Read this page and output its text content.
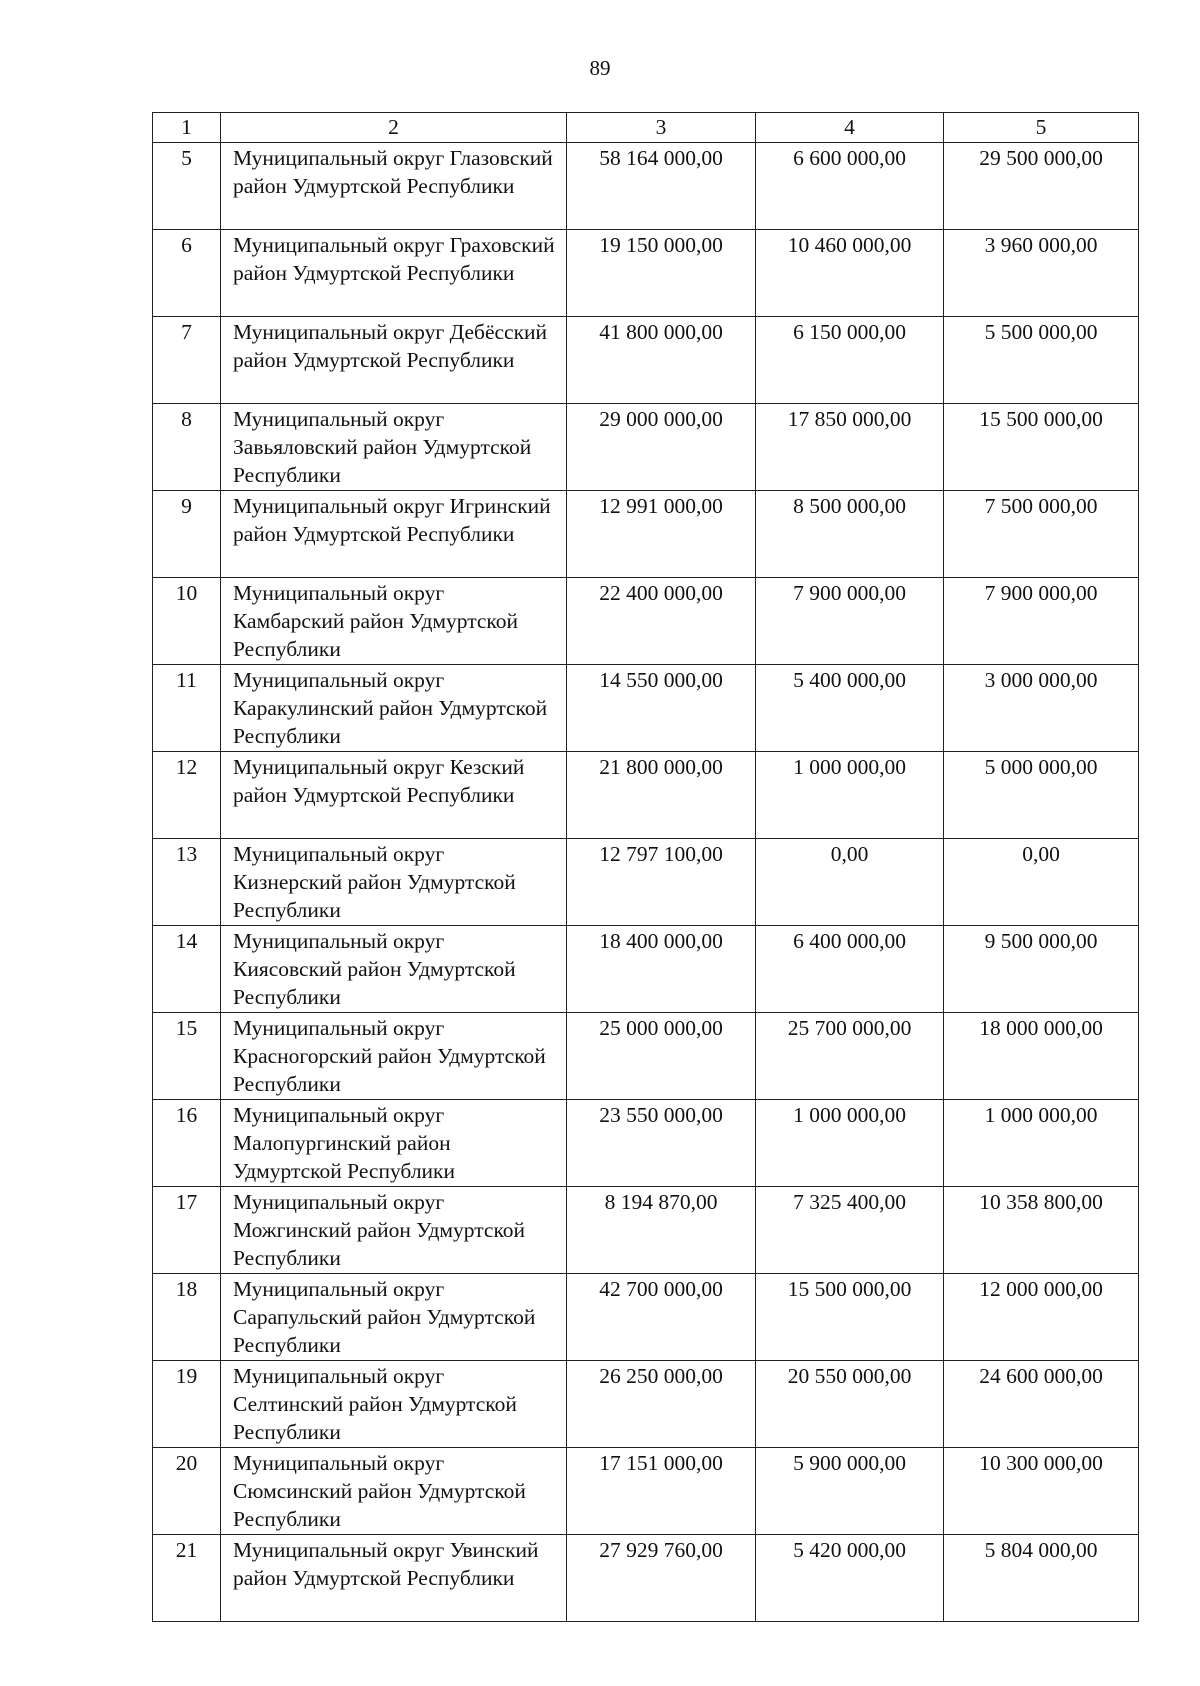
89
1	2	3	4	5
5	Муниципальный округ Глазовский район Удмуртской Республики	58 164 000,00	6 600 000,00	29 500 000,00
6	Муниципальный округ Граховский район Удмуртской Республики	19 150 000,00	10 460 000,00	3 960 000,00
7	Муниципальный округ Дебёсский район Удмуртской Республики	41 800 000,00	6 150 000,00	5 500 000,00
8	Муниципальный округ Завьяловский район Удмуртской Республики	29 000 000,00	17 850 000,00	15 500 000,00
9	Муниципальный округ Игринский район Удмуртской Республики	12 991 000,00	8 500 000,00	7 500 000,00
10	Муниципальный округ Камбарский район Удмуртской Республики	22 400 000,00	7 900 000,00	7 900 000,00
11	Муниципальный округ Каракулинский район Удмуртской Республики	14 550 000,00	5 400 000,00	3 000 000,00
12	Муниципальный округ Кезский район Удмуртской Республики	21 800 000,00	1 000 000,00	5 000 000,00
13	Муниципальный округ Кизнерский район Удмуртской Республики	12 797 100,00	0,00	0,00
14	Муниципальный округ Киясовский район Удмуртской Республики	18 400 000,00	6 400 000,00	9 500 000,00
15	Муниципальный округ Красногорский район Удмуртской Республики	25 000 000,00	25 700 000,00	18 000 000,00
16	Муниципальный округ Малопургинский район Удмуртской Республики	23 550 000,00	1 000 000,00	1 000 000,00
17	Муниципальный округ Можгинский район Удмуртской Республики	8 194 870,00	7 325 400,00	10 358 800,00
18	Муниципальный округ Сарапульский район Удмуртской Республики	42 700 000,00	15 500 000,00	12 000 000,00
19	Муниципальный округ Селтинский район Удмуртской Республики	26 250 000,00	20 550 000,00	24 600 000,00
20	Муниципальный округ Сюмсинский район Удмуртской Республики	17 151 000,00	5 900 000,00	10 300 000,00
21	Муниципальный округ Увинский район Удмуртской Республики	27 929 760,00	5 420 000,00	5 804 000,00
